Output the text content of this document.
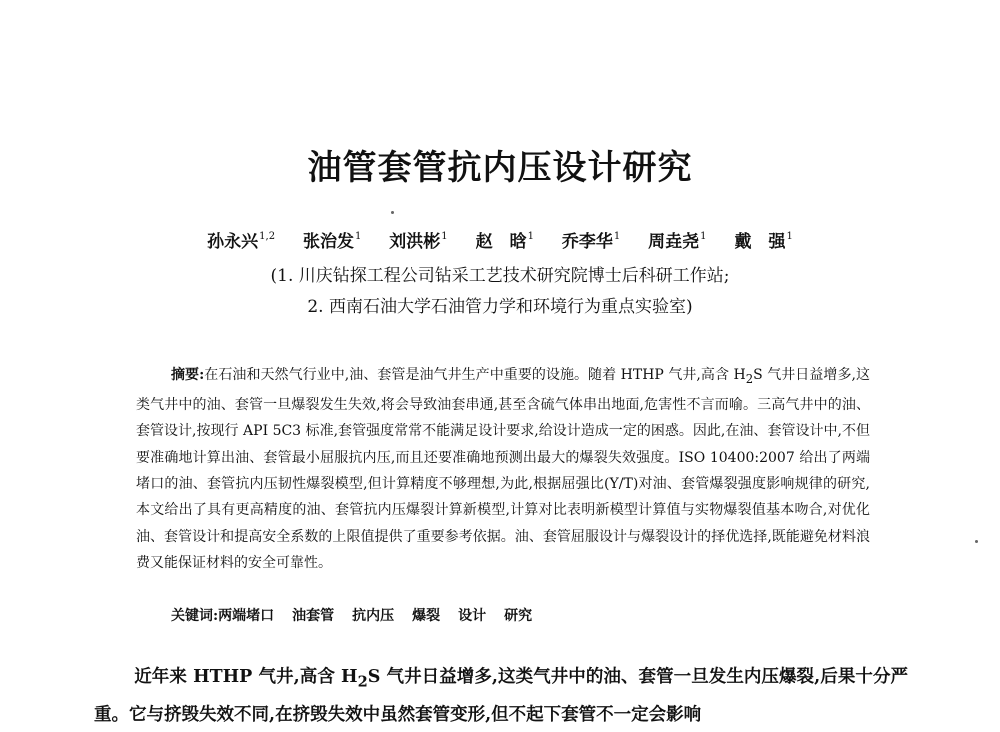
油管套管抗内压设计研究
孙永兴$^{1,2}$ 张治发$^1$ 刘洪彬$^1$ 赵　晗$^1$ 乔李华$^1$ 周垚尧$^1$ 戴　强$^1$
(1. 川庆钻探工程公司钻采工艺技术研究院博士后科研工作站;
2. 西南石油大学石油管力学和环境行为重点实验室)
摘要:在石油和天然气行业中,油、套管是油气井生产中重要的设施。随着 HTHP 气井,高含 $H_2S$ 气井日益增多,这类气井中的油、套管一旦爆裂发生失效,将会导致油套串通,甚至含硫气体串出地面,危害性不言而喻。三高气井中的油、套管设计,按现行 API 5C3 标准,套管强度常常不能满足设计要求,给设计造成一定的困惑。因此,在油、套管设计中,不但要准确地计算出油、套管最小屈服抗内压,而且还要准确地预测出最大的爆裂失效强度。ISO 10400:2007 给出了两端堵口的油、套管抗内压韧性爆裂模型,但计算精度不够理想,为此,根据屈强比(Y/T)对油、套管爆裂强度影响规律的研究,本文给出了具有更高精度的油、套管抗内压爆裂计算新模型,计算对比表明新模型计算值与实物爆裂值基本吻合,对优化油、套管设计和提高安全系数的上限值提供了重要参考依据。油、套管屈服设计与爆裂设计的择优选择,既能避免材料浪费又能保证材料的安全可靠性。
关键词:两端堵口 油套管 抗内压 爆裂 设计 研究
近年来 HTHP 气井,高含 $H_2S$ 气井日益增多,这类气井中的油、套管一旦发生内压爆裂,后果十分严重。它与挤毁失效不同,在挤毁失效中虽然套管变形,但不起下套管不一定会影响
